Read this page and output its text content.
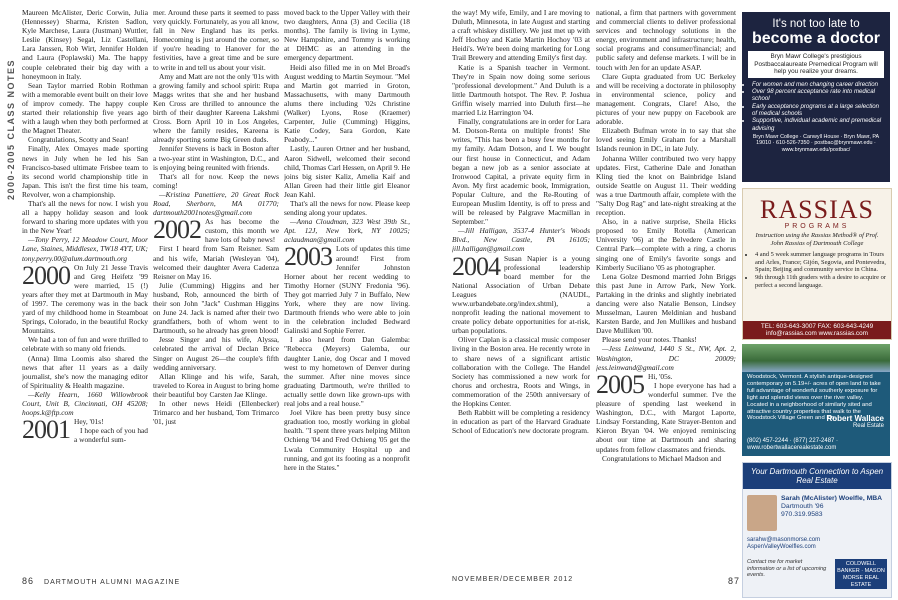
2000-2005 CLASS NOTES

Maureen McAlister, Deric Corwin, Julia (Hennessey) Sharma, Kristen Sadlon, Kyle Marchese, Laura (Justman) Wuttler, Leslie (Kinsey) Segal, Liz Castellani, Lara Janssen, Rob Wirt, Jennifer Holden and Laura (Poplawski) Ma. The happy couple celebrated their big day with a honeymoon in Italy.

Sean Taylor married Robin Rothman with a memorable event built on their love of improv comedy. The happy couple started their relationship five years ago with a laugh when they both performed at the Magnet Theater.

Congratulations, Scotty and Sean!

Finally, Alex Omayes made sporting news in July when he led his San Francisco-based ultimate Frisbee team to its second world championship title in Japan. This isn't the first time his team, Revolver, won a championship.

That's all the news for now. I wish you all a happy holiday season and look forward to sharing more updates with you in the New Year!

—Tony Perry, 12 Meadow Court, Moor Lane, Staines, Middlesex, TW18 4YT, UK; tony.perry.00@alum.dartmouth.org

2000 On July 21 Jesse Travis and Greg Heifetz '99 were married, 15 (!) years after they met at Dartmouth in May of 1997. The ceremony was in the back yard of my childhood home in Steamboat Springs, Colorado, in the beautiful Rocky Mountains.

We had a ton of fun and were thrilled to celebrate with so many old friends.

(Anna) Ilma Loomis also shared the news that after 11 years as a daily journalist, she's now the managing editor of Spirituality & Health magazine.

—Kelly Hearn, 1660 Willowbrook Court, Unit B, Cincinnati, OH 45208; hoops.k@ftp.com

2001 Hey, '01s!

I hope each of you had a wonderful sum-

mer. Around these parts it seemed to pass very quickly. Fortunately, as you all know, fall in New England has its perks. Homecoming is just around the corner, so if you're heading to Hanover for the festivities, have a great time and be sure to write in and tell us about your visit.

Amy and Matt are not the only '01s with a growing family and school spirit: Rupa Maggs writes that she and her husband Ken Cross are thrilled to announce the birth of their daughter Kareena Lakshmi Cross. Born April 10 in Los Angeles, where the family resides, Kareena is already sporting some Big Green duds.

Jennifer Stevens is back in Boston after a two-year stint in Washington, D.C., and is enjoying being reunited with friends.

That's all for now. Keep the news coming!

—Kristina Panettiere, 20 Great Rock Road, Sherborn, MA 01770; dartmouth2001notes@gmail.com

2002 As has become the custom, this month we have lots of baby news!

First I heard from Sam Reisner. Sam and his wife, Mariah (Wesleyan '04), welcomed their daughter Avera Cadenza Reisner on May 16.

Julie (Cumming) Higgins and her husband, Rob, announced the birth of their son John "Jack" Cushman Higgins on June 24. Jack is named after their two grandfathers, both of whom went to Dartmouth, so he already has green blood!

Jesse Singer and his wife, Alyssa, celebrated the arrival of Declan Brice Singer on August 26—the couple's fifth wedding anniversary.

Allan Klinge and his wife, Sarah, traveled to Korea in August to bring home their beautiful boy Carsten Jae Klinge.

In other news Heidi (Ellenbecker) Trimarco and her husband, Tom Trimarco '01, just

moved back to the Upper Valley with their two daughters, Anna (3) and Cecilia (18 months). The family is living in Lyme, New Hampshire, and Tommy is working at DHMC as an attending in the emergency department.

Heidi also filled me in on Mel Broad's August wedding to Martin Seymour. "Mel and Martin got married in Groton, Massachusetts, with many Dartmouth alums there including '02s Christine (Walker) Lyons, Rose (Kraemer) Carpenter, Julie (Cumming) Higgins, Katie Codey, Sara Gordon, Kate Peabody..."

Lastly, Lauren Ortner and her husband, Aaron Sidwell, welcomed their second child, Thomas Carl Hessen, on April 9. He joins big sister Kaliz, Amelia Kaif and Allan Green had their little girl Eleanor Jean Kahl.

That's all the news for now. Please keep sending along your updates.

—Anna Cloudman, 323 West 39th St., Apt. 12J, New York, NY 10025; aclaudman@gmail.com

2003 Lots of updates this time around! First from Jennifer Johnston Horner about her recent wedding to Timothy Horner (SUNY Fredonia '96). They got married July 7 in Buffalo, New York, where they are now living. Dartmouth friends who were able to join in the celebration included Bedward Galinski and Sophie Ferrer.

I also heard from Dan Galemba: "Rebecca (Meyers) Galemba, our daughter Lanie, dog Oscar and I moved west to my hometown of Denver during the summer. After nine moves since graduating Dartmouth, we're thrilled to actually settle down like grown-ups with real jobs and a real house."

Joel Vikre has been pretty busy since graduation too, mostly working in global health. "I spent three years helping Milton Ochieng '04 and Fred Ochieng '05 get the Lwala Community Hospital up and running, and got its footing as a nonprofit here in the States."

86 DARTMOUTH ALUMNI MAGAZINE

the way! My wife, Emily, and I are moving to Duluth, Minnesota, in late August and starting a craft whiskey distillery. We just met up with Jeff Hochoy and Katie Martin Hochoy '03 at Heidi's. We're been doing marketing for Long Trail Brewery and attending Emily's first day.

Katie is a Spanish teacher in Vermont. They're in Spain now doing some serious "professional development." And Duluth is a little Dartmouth hotspot. The Rev. P. Joshua Griffin wisely married into Duluth first—he married Liz Harrington '04.

Finally, congratulations are in order for Lara M. Dotson-Renta on multiple fronts! She writes, "This has been a busy few months for my family. Adam Dotson, and I. We bought our first house in Connecticut, and Adam began a new job as a senior associate at Ironwood Capital, a private equity firm in Avon. My first academic book, Immigration, Popular Culture, and the Re-Routing of European Muslim Identity, is off to press and will be released by Palgrave Macmillan in September."

—Jill Halligan, 3537-4 Hunter's Woods Blvd., New Castle, PA 16105; jill.halligan@gmail.com

2004 Susan Napier is a young professional leadership board member for the National Association of Urban Debate Leagues (NAUDL, www.urbandebate.org/index.shtml), a nonprofit leading the national movement to create policy debate opportunities for at-risk, urban populations.

Oliver Caplan is a classical music composer living in the Boston area. He recently wrote in to share news of a significant artistic collaboration with the College. The Handel Society has commissioned a new work for chorus and orchestra, Roots and Wings, in commemoration of the 250th anniversary of the Hopkins Center.

Beth Rabbitt will be completing a residency in education as part of the Harvard Graduate School of Education's new doctorate program.

national, a firm that partners with government and commercial clients to deliver professional services and technology solutions in the energy, environment and infrastructure; health, social programs and consumer/financial; and public safety and defense markets. I will be in touch with Jen for an update ASAP.

Clare Gupta graduated from UC Berkeley and will be receiving a doctorate in philosophy in environmental science, policy and management. Congrats, Clare! Also, the pictures of your new puppy on Facebook are adorable.

Elizabeth Bufman wrote in to say that she loved seeing Emily Graham for a Marshall Islands reunion in DC, in late July.

Johanna Willer contributed two very happy updates. First, Catherine Dale and Jonathan Kling tied the knot on Bainbridge Island outside Seattle on August 11. Their wedding was a true Dartmouth affair, complete with the "Salty Dog Rag" and late-night streaking at the reception.

Also, in a native surprise, Sheila Hicks proposed to Emily Rotella (American University '06) at the Belvedere Castle in Central Park—complete with a ring, a chorus singing one of Emily's favorite songs and Kimberly Suciliano '05 as photographer.

Lena Golze Desmond married John Briggs this past June in Arrow Park, New York. Partaking in the drinks and slightly inebriated dancing were also Natalie Benson, Lindsey Musselman, Lauren Meldinian and husband Karsten Barde, and Jen Mullikes and husband Dave Mulliken '00.

Please send your notes. Thanks!

—Jess Leinwand, 1440 S St., NW, Apt. 2, Washington, DC 20009; jess.leinwand@gmail.com

2005 Hi, '05s.

I hope everyone has had a wonderful summer. I've the pleasure of spending last weekend in Washington, D.C., with Margot Laporte, Lindsay Forstanding, Kate Strayer-Benton and Kieron Bryan '04. We enjoyed reminiscing about our time at Dartmouth and sharing updates from fellow classmates and friends.

Congratulations to Michael Madson and

NOVEMBER/DECEMBER 2012	87
It's not too late to
become a doctor
Bryn Mawr College's prestigious Postbaccalaureate Premedical Program will help you realize your dreams.
• For women and men changing career direction
• Over 98 percent acceptance rate into medical school
• Early acceptance programs at a large selection of medical schools
• Supportive, individual academic and premedical advising
Bryn Mawr College · Canwyll House · Bryn Mawr, PA 19010 · 610-526-7350 · postbac@brynmawr.edu · www.brynmawr.edu/postbac/
RASSIAS
PROGRAMS
Instruction using the Rassias Method® of Prof. John Rassias of Dartmouth College
• 4 and 5 week summer language programs in Tours and Arles, France; Gijón, Segovia, and Pontevedra, Spain; Beijing and community service in China.
• 9th through 11th graders with a desire to acquire or perfect a second language.
TEL: 603-643-3007 FAX: 603-643-4249 info@rassias.com www.rassias.com
Woodstock, Vermont. A stylish antique-designed contemporary on 5.19+/- acres of open land to take full advantage of wonderful southerly exposure for light and splendid views over the river valley. Located in a neighborhood of similarly sited and attractive country properties that walk to the Woodstock Village Green and Inn.
Robert Wallace
Real Estate
(802) 457-2244 · (877) 227-2487 · www.robertwallacerealestate.com
Your Dartmouth Connection to Aspen Real Estate
Sarah (McAlister) Woelfle, MBA
Dartmouth '96
970.319.9583
sarahw@masonmorse.com
AspenValleyWoelfles.com
Contact me for market information or a list of upcoming events.
COLDWELL BANKER · MASON MORSE REAL ESTATE
